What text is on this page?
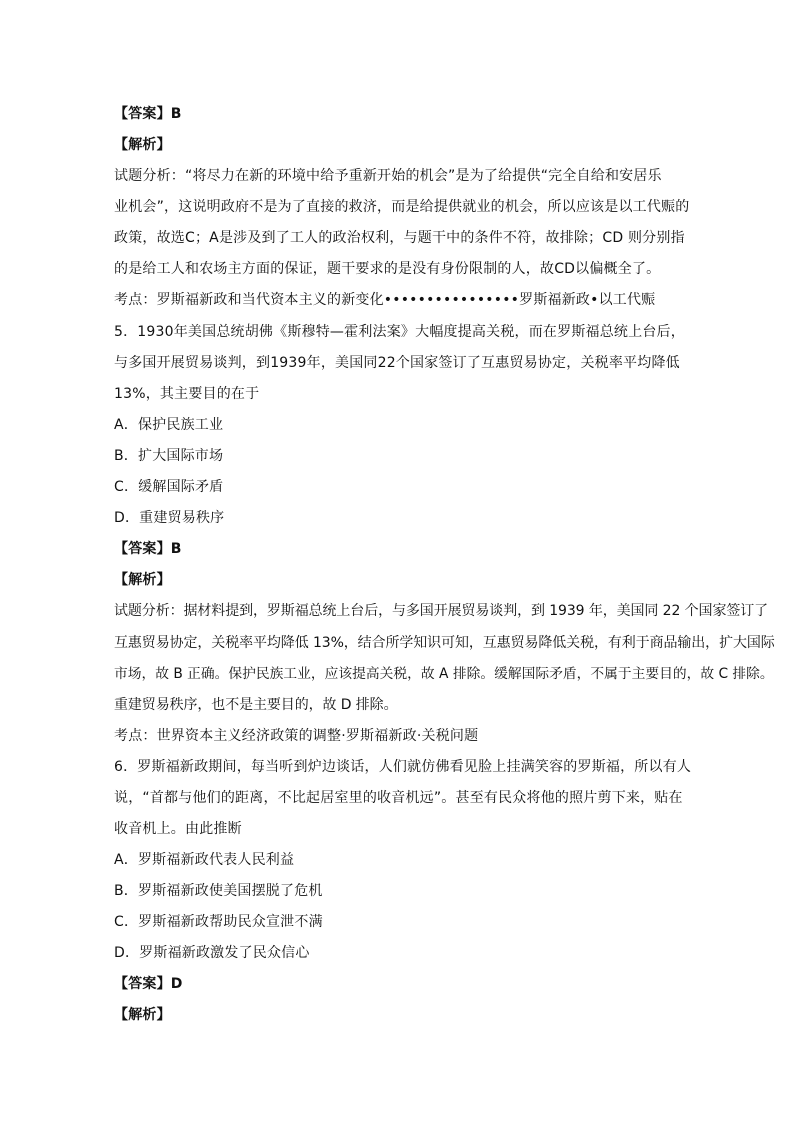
【答案】B
【解析】
试题分析：“将尽力在新的环境中给予重新开始的机会”是为了给提供“完全自给和安居乐
业机会”，这说明政府不是为了直接的救济，而是给提供就业的机会，所以应该是以工代赈的
政策，故选C；A是涉及到了工人的政治权利，与题干中的条件不符，故排除；CD 则分别指
的是给工人和农场主方面的保证，题干要求的是没有身份限制的人，故CD以偏概全了。
考点：罗斯福新政和当代资本主义的新变化••••••••••••••••罗斯福新政•以工代赈
5．1930年美国总统胡佛《斯穆特—霍利法案》大幅度提高关税，而在罗斯福总统上台后，
与多国开展贸易谈判，到1939年，美国同22个国家签订了互惠贸易协定，关税率平均降低
13%，其主要目的在于
A．保护民族工业
B．扩大国际市场
C．缓解国际矛盾
D．重建贸易秩序
【答案】B
【解析】
试题分析：据材料提到，罗斯福总统上台后，与多国开展贸易谈判，到 1939 年，美国同 22 个国家签订了
互惠贸易协定，关税率平均降低 13%，结合所学知识可知，互惠贸易降低关税，有利于商品输出，扩大国际
市场，故 B 正确。保护民族工业，应该提高关税，故 A 排除。缓解国际矛盾，不属于主要目的，故 C 排除。
重建贸易秩序，也不是主要目的，故 D 排除。
考点：世界资本主义经济政策的调整·罗斯福新政·关税问题
6．罗斯福新政期间，每当听到炉边谈话，人们就仿佛看见脸上挂满笑容的罗斯福，所以有人
说，“首都与他们的距离，不比起居室里的收音机远”。甚至有民众将他的照片剪下来，贴在
收音机上。由此推断
A．罗斯福新政代表人民利益
B．罗斯福新政使美国摆脱了危机
C．罗斯福新政帮助民众宣泄不满
D．罗斯福新政激发了民众信心
【答案】D
【解析】
